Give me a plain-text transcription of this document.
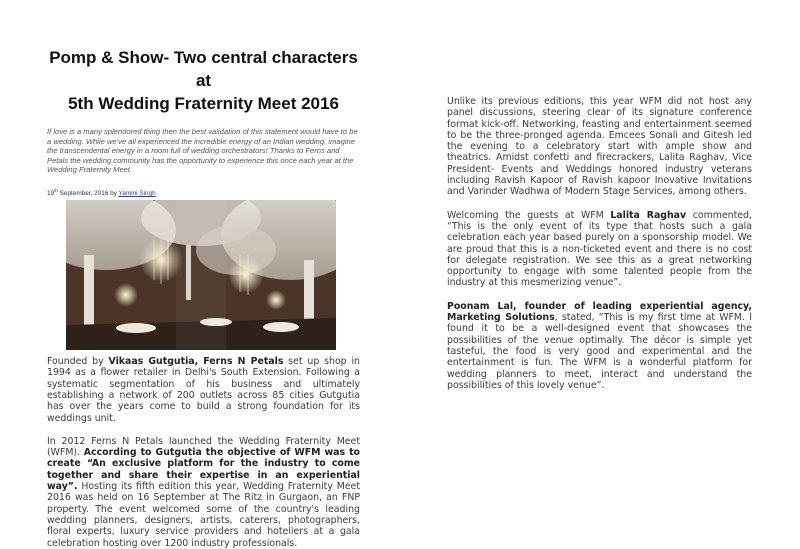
Pomp & Show- Two central characters at
5th Wedding Fraternity Meet 2016

If love is a many splendored thing then the best validation of this statement would have to be a wedding. While we've all experienced the incredible energy of an Indian wedding, imagine the transcendental energy in a room full of wedding orchestrators! Thanks to Ferns and Petals the wedding community has the opportunity to experience this once each year at the Wedding Fraternity Meet.

19th September, 2016 by Yamini Singh

Founded by Vikaas Gutgutia, Ferns N Petals set up shop in 1994 as a flower retailer in Delhi's South Extension. Following a systematic segmentation of his business and ultimately establishing a network of 200 outlets across 85 cities Gutgutia has over the years come to build a strong foundation for its weddings unit.

In 2012 Ferns N Petals launched the Wedding Fraternity Meet (WFM). According to Gutgutia the objective of WFM was to create “An exclusive platform for the industry to come together and share their expertise in an experiential way”. Hosting its fifth edition this year, Wedding Fraternity Meet 2016 was held on 16 September at The Ritz in Gurgaon, an FNP property. The event welcomed some of the country's leading wedding planners, designers, artists, caterers, photographers, floral experts, luxury service providers and hoteliers at a gala celebration hosting over 1200 industry professionals.

Unlike its previous editions, this year WFM did not host any panel discussions, steering clear of its signature conference format kick-off. Networking, feasting and entertainment seemed to be the three-pronged agenda. Emcees Sonali and Gitesh led the evening to a celebratory start with ample show and theatrics. Amidst confetti and firecrackers, Lalita Raghav, Vice President- Events and Weddings honored industry veterans including Ravish Kapoor of Ravish kapoor Inovative Invitations and Varinder Wadhwa of Modern Stage Services, among others.

Welcoming the guests at WFM Lalita Raghav commented, “This is the only event of its type that hosts such a gala celebration each year based purely on a sponsorship model. We are proud that this is a non-ticketed event and there is no cost for delegate registration. We see this as a great networking opportunity to engage with some talented people from the industry at this mesmerizing venue”.

Poonam Lal, founder of leading experiential agency, Marketing Solutions, stated, “This is my first time at WFM. I found it to be a well-designed event that showcases the possibilities of the venue optimally. The décor is simple yet tasteful, the food is very good and experimental and the entertainment is fun. The WFM is a wonderful platform for wedding planners to meet, interact and understand the possibilities of this lovely venue”.
